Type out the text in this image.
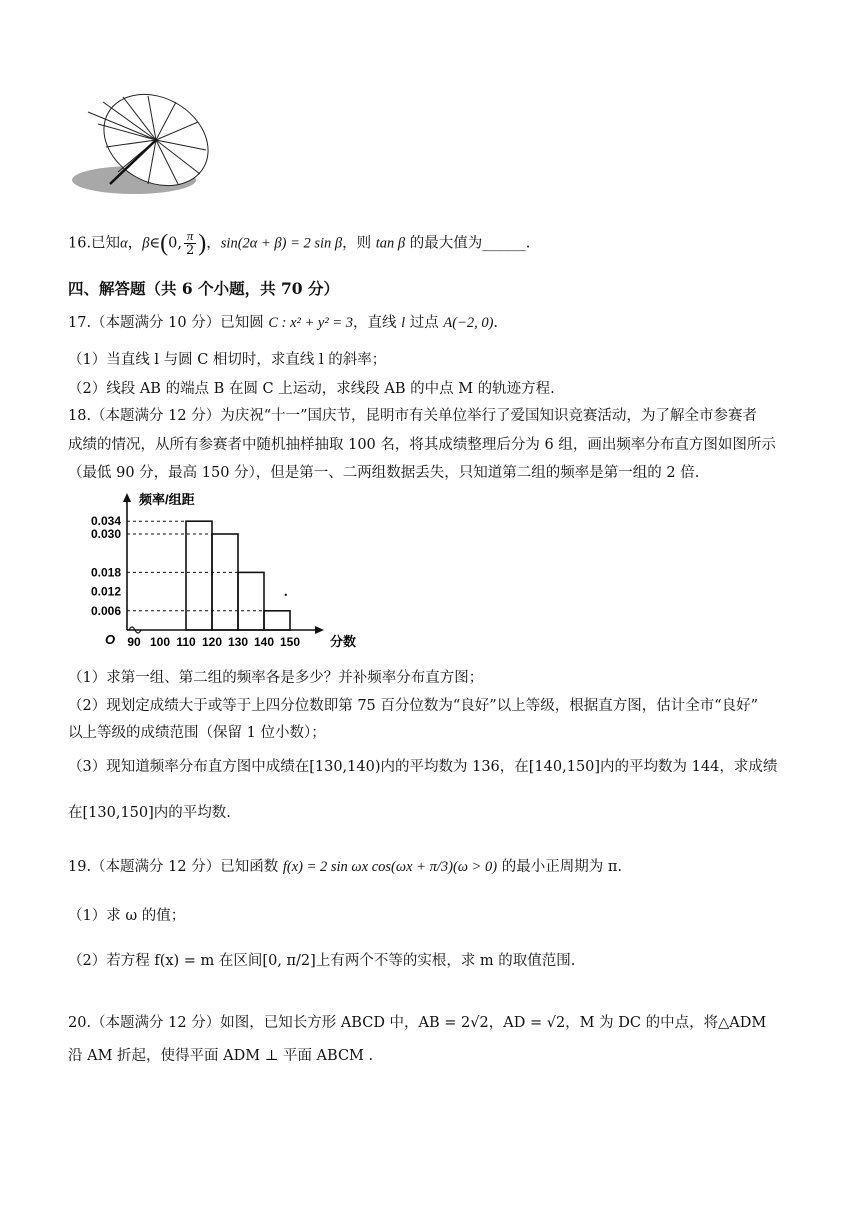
16.已知α，β∈(0, $\frac{\pi}{2}$ )，sin(2α + β) = 2 sin β，则 tan β 的最大值为______.
四、解答题（共 6 个小题，共 70 分）
17.（本题满分 10 分）已知圆 C : x² + y² = 3，直线 l 过点 A(−2, 0).
（1）当直线 l 与圆 C 相切时，求直线 l 的斜率；
（2）线段 AB 的端点 B 在圆 C 上运动，求线段 AB 的中点 M 的轨迹方程.
18.（本题满分 12 分）为庆祝“十一”国庆节，昆明市有关单位举行了爱国知识竞赛活动，为了解全市参赛者
成绩的情况，从所有参赛者中随机抽样抽取 100 名，将其成绩整理后分为 6 组，画出频率分布直方图如图所示
（最低 90 分，最高 150 分），但是第一、二两组数据丢失，只知道第二组的频率是第一组的 2 倍.
0.034
0.030
0.018
0.012
0.006
90 100 110 120 130 140 150
频率/组距
分数
O
（1）求第一组、第二组的频率各是多少？并补频率分布直方图；
（2）现划定成绩大于或等于上四分位数即第 75 百分位数为“良好”以上等级，根据直方图，估计全市“良好”
以上等级的成绩范围（保留 1 位小数）；
（3）现知道频率分布直方图中成绩在[130,140)内的平均数为 136，在[140,150]内的平均数为 144，求成绩
在[130,150]内的平均数.
19.（本题满分 12 分）已知函数 f(x) = 2 sin ωx cos(ωx + π/3)(ω > 0) 的最小正周期为 π.
（1）求 ω 的值；
（2）若方程 f(x) = m 在区间[0, π/2]上有两个不等的实根，求 m 的取值范围.
20.（本题满分 12 分）如图，已知长方形 ABCD 中，AB = 2√2，AD = √2，M 为 DC 的中点，将△ADM
沿 AM 折起，使得平面 ADM ⊥ 平面 ABCM .
